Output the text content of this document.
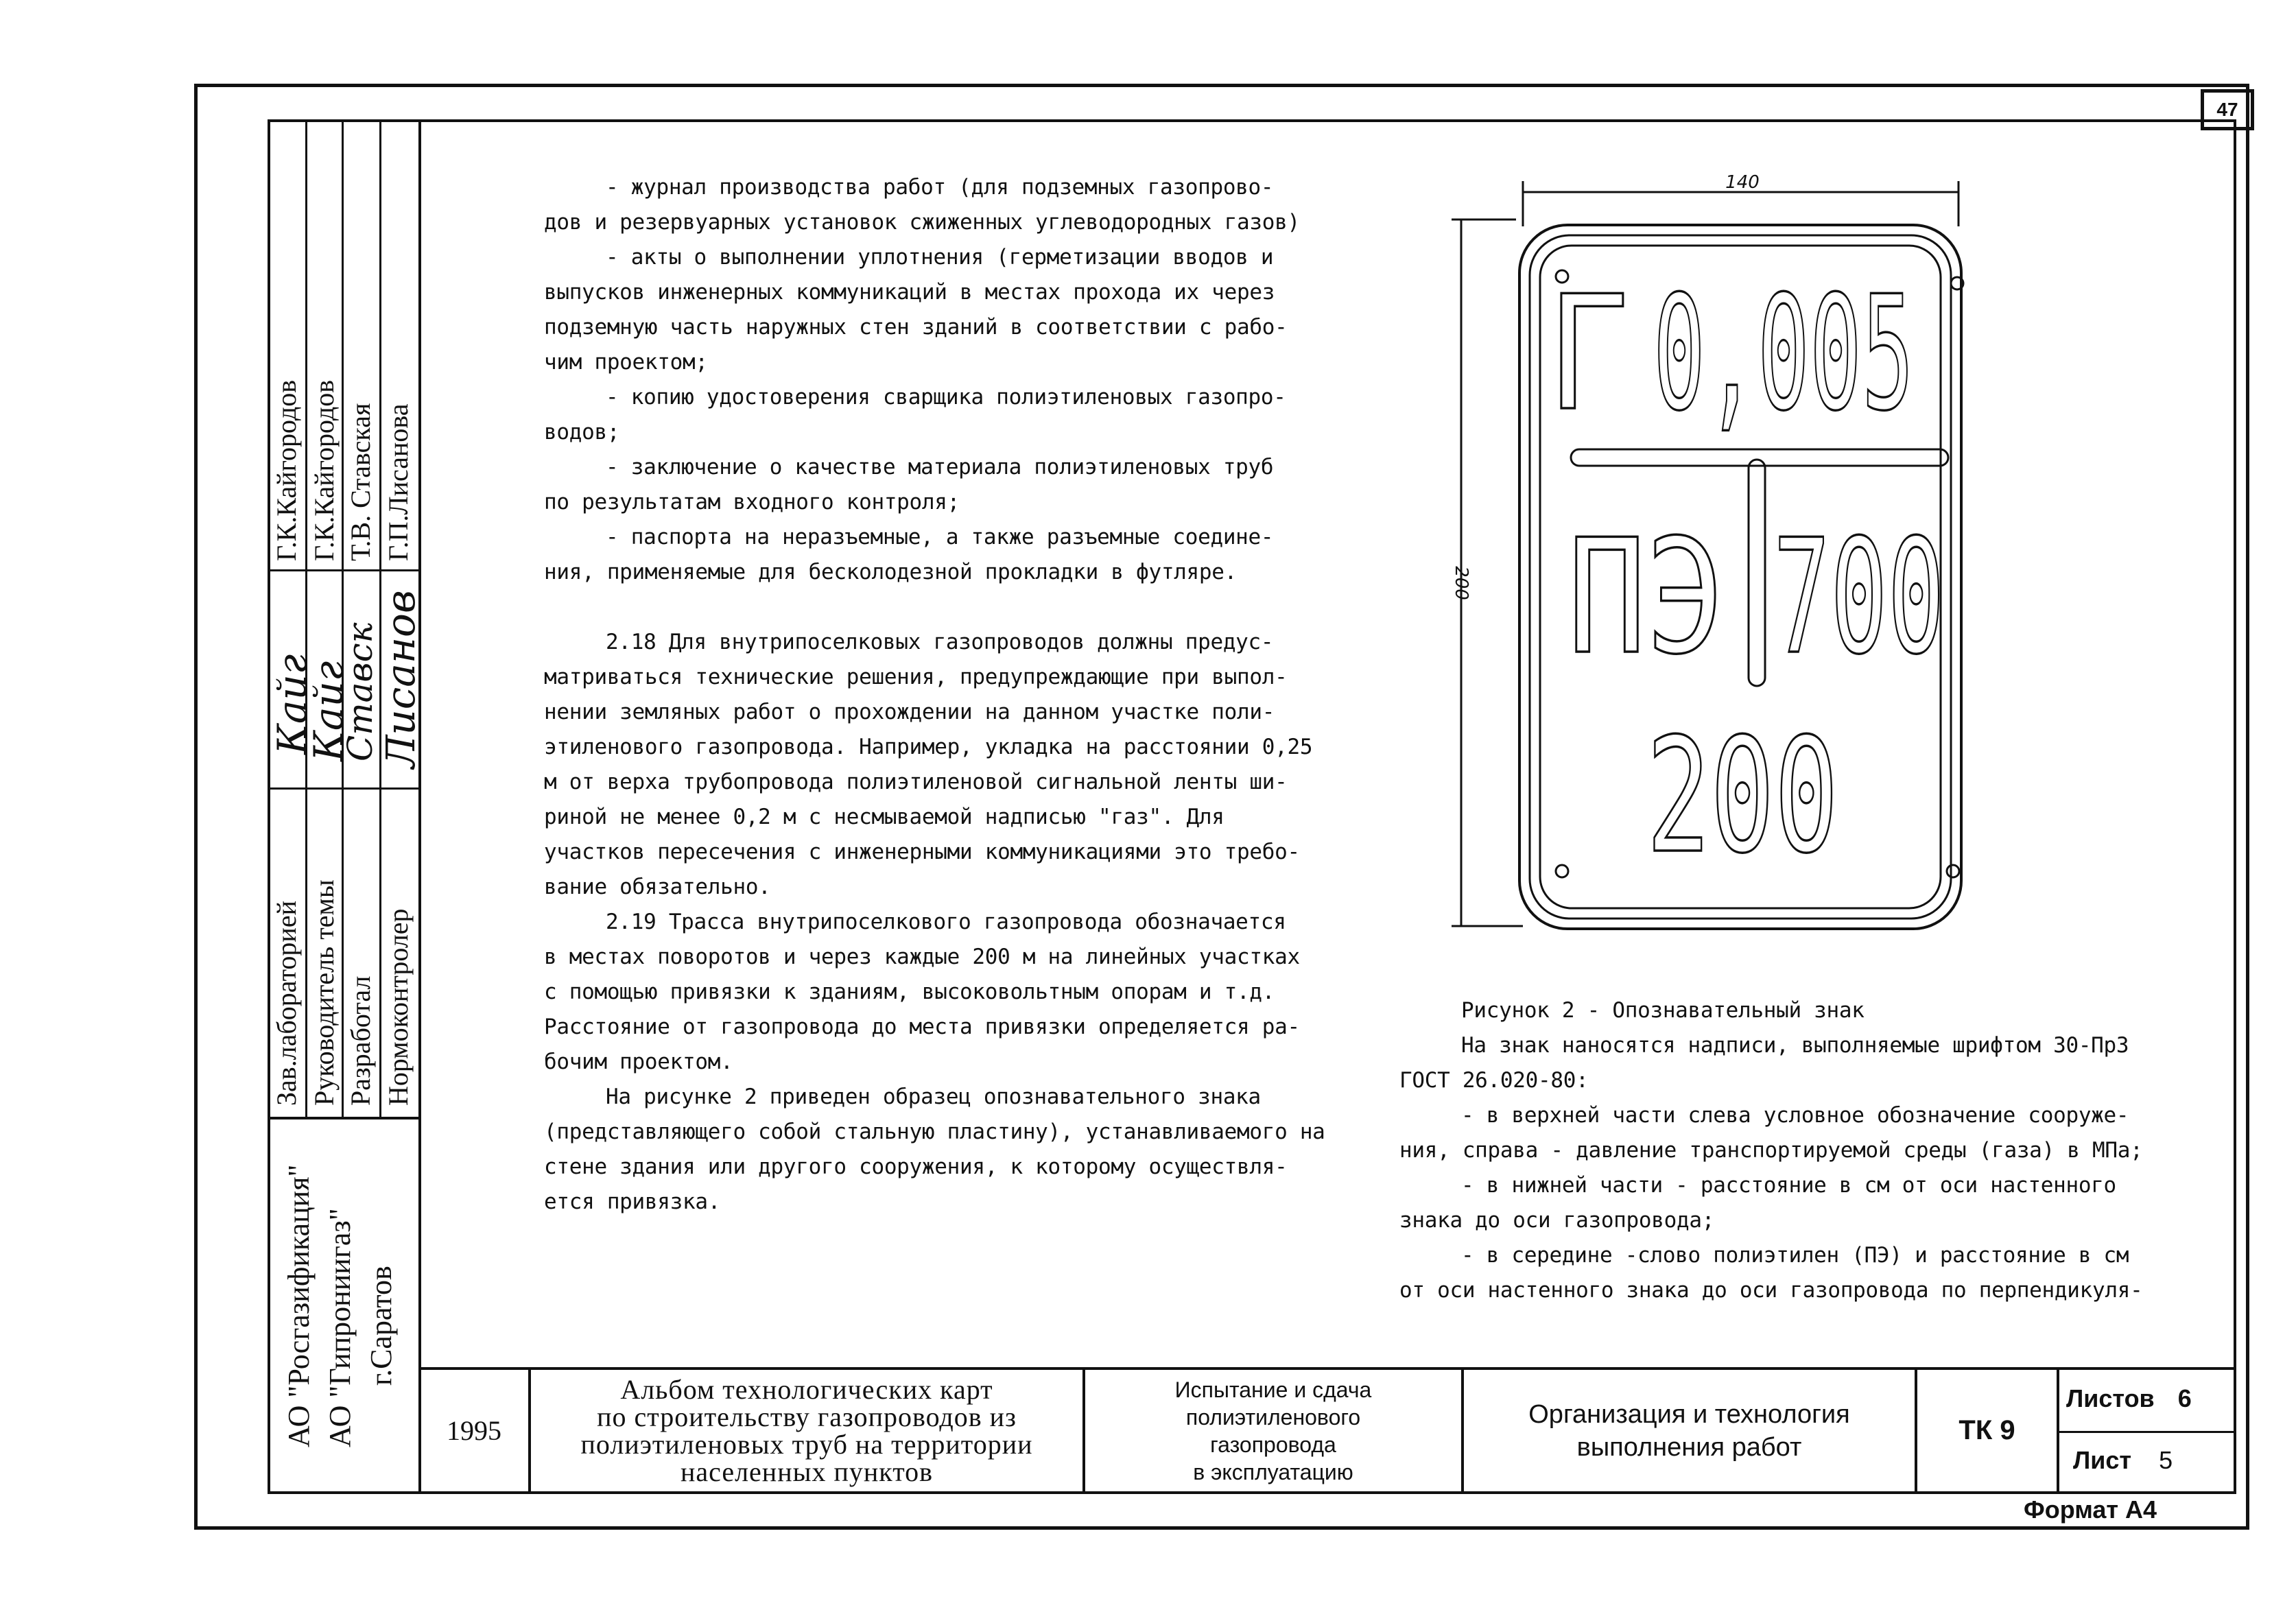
47
Г.К.Кайгородов Г.К.Кайгородов Т.В. Ставская Г.П.Лисанова
Кайг
Кайг
Ставск
Лисанов
Зав.лабораторией Руководитель темы Разработал Нормоконтролер
АО "Росгазификация" АО "Гипрониигаз" г.Саратов

- журнал производства работ (для подземных газопрово-

дов и резервуарных установок сжиженных углеводородных газов)

- акты о выполнении уплотнения (герметизации вводов и

выпусков инженерных коммуникаций в местах прохода их через

подземную часть наружных стен зданий в соответствии с рабо-

чим проектом;

- копию удостоверения сварщика полиэтиленовых газопро-

водов;

- заключение о качестве материала полиэтиленовых труб

по результатам входного контроля;

- паспорта на неразъемные, а также разъемные соедине-

ния, применяемые для бесколодезной прокладки в футляре.

2.18 Для внутрипоселковых газопроводов должны предус-

матриваться технические решения, предупреждающие при выпол-

нении земляных работ о прохождении на данном участке поли-

этиленового газопровода. Например, укладка на расстоянии 0,25

м от верха трубопровода полиэтиленовой сигнальной ленты ши-

риной не менее 0,2 м с несмываемой надписью "газ". Для

участков пересечения с инженерными коммуникациями это требо-

вание обязательно.

2.19 Трасса внутрипоселкового газопровода обозначается

в местах поворотов и через каждые 200 м на линейных участках

с помощью привязки к зданиям, высоковольтным опорам и т.д.

Расстояние от газопровода до места привязки определяется ра-

бочим проектом.

На рисунке 2 приведен образец опознавательного знака

(представляющего собой стальную пластину), устанавливаемого на

стене здания или другого сооружения, к которому осуществля-

ется привязка.

Г 0,005
ПЭ 700
200
140
200

Рисунок 2 - Опознавательный знак

На знак наносятся надписи, выполняемые шрифтом 30-ПрЗ

ГОСТ 26.020-80:

- в верхней части слева условное обозначение сооруже-

ния, справа - давление транспортируемой среды (газа) в МПа;

- в нижней части - расстояние в см от оси настенного

знака до оси газопровода;

- в середине -слово полиэтилен (ПЭ) и расстояние в см

от оси настенного знака до оси газопровода по перпендикуля-

1995
Альбом технологических карт
по строительству газопроводов из
полиэтиленовых труб на территории
населенных пунктов
Испытание и сдача
полиэтиленового
газопровода
в эксплуатацию
Организация и технология
выполнения работ
ТК 9
Листов 6
Лист 5
Формат А4
